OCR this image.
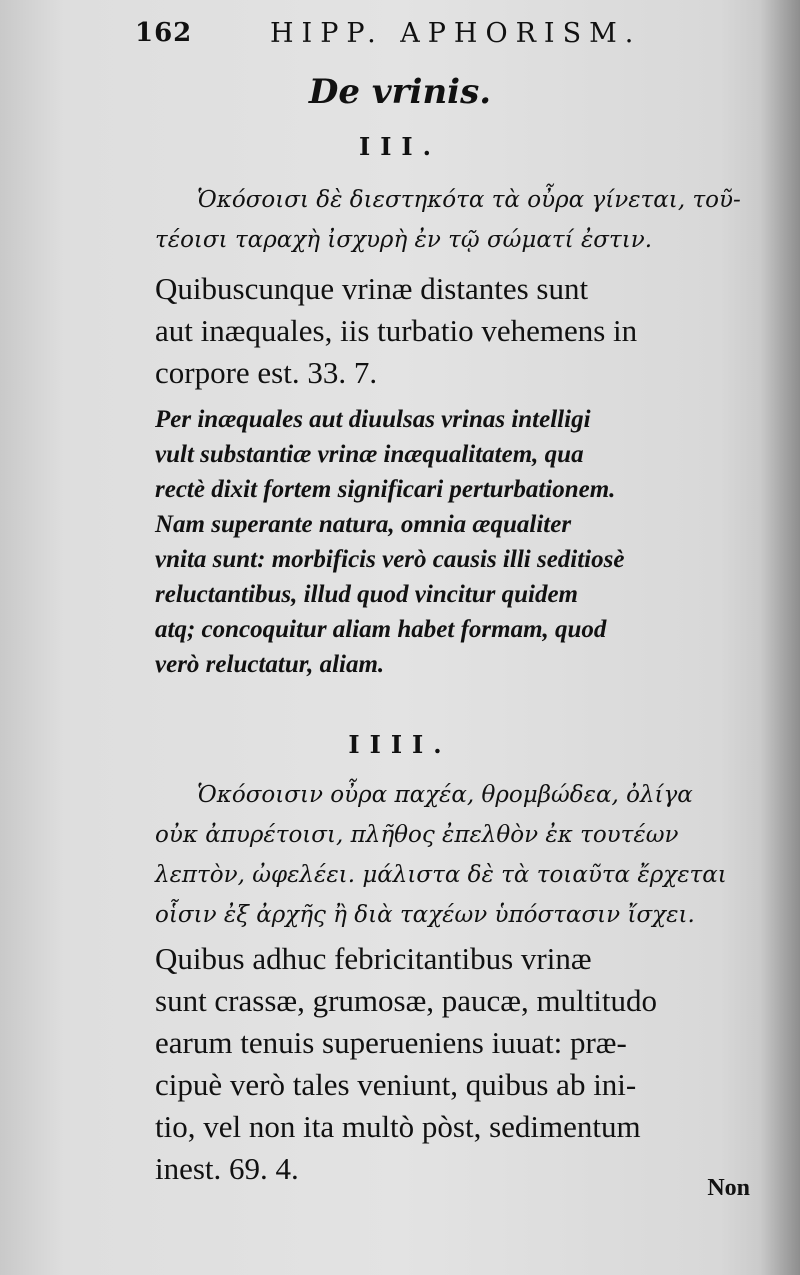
162	HIPP. APHORISM.
De vrinis.
III.
Ὁκόσοισι δὲ διεστηκότα τὰ οὖρα γίνεται, τοῦ-
τέοισι ταραχὴ ἰσχυρὴ ἐν τῷ σώματί ἐστιν.
Quibuscunque vrinæ distantes sunt
aut inæquales, iis turbatio vehemens in
corpore est. 33. 7.
Per inæquales aut diuulsas vrinas intelligi
vult substantiæ vrinæ inæqualitatem, qua
rectè dixit fortem significari perturbationem.
Nam superante natura, omnia æqualiter
vnita sunt: morbificis verò causis illi seditiosè
reluctantibus, illud quod vincitur quidem
atq; concoquitur aliam habet formam, quod
verò reluctatur, aliam.
IIII.
Ὁκόσοισιν οὖρα παχέα, θρομβώδεα, ὀλίγα
οὐκ ἀπυρέτοισι, πλῆθος ἐπελθὸν ἐκ τουτέων
λεπτὸν, ὠφελέει. μάλιστα δὲ τὰ τοιαῦτα ἔρχεται
οἷσιν ἐξ ἀρχῆς ἢ διὰ ταχέων ὑπόστασιν ἴσχει.
Quibus adhuc febricitantibus vrinæ
sunt crassæ, grumosæ, paucæ, multitudo
earum tenuis superueniens iuuat: præ-
cipuè verò tales veniunt, quibus ab ini-
tio, vel non ita multò pòst, sedimentum
inest. 69. 4.
Non
